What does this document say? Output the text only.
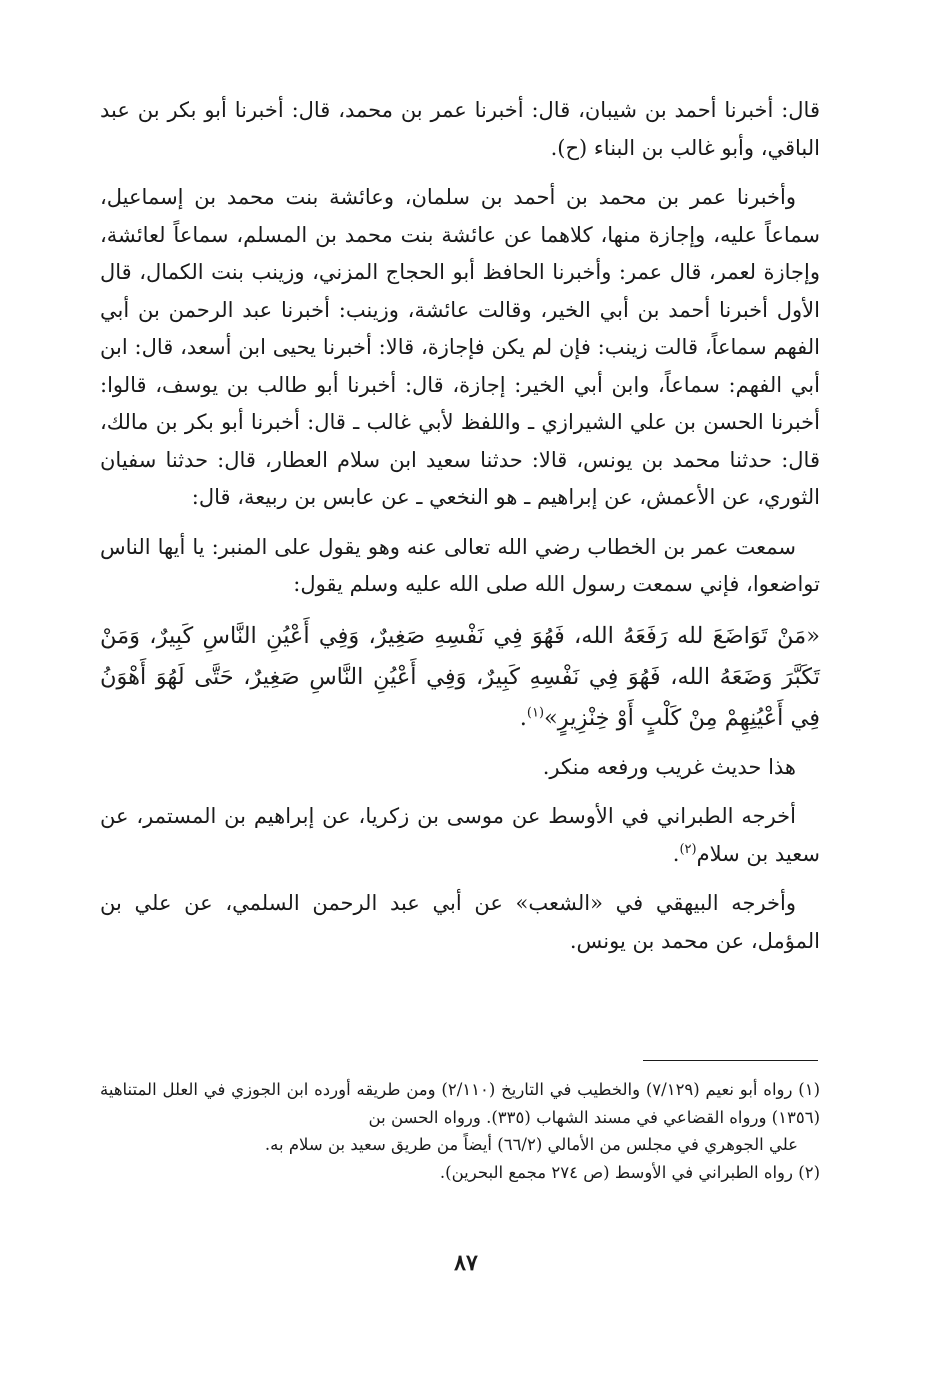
قال: أخبرنا أحمد بن شيبان، قال: أخبرنا عمر بن محمد، قال: أخبرنا أبو بكر بن عبد الباقي، وأبو غالب بن البناء (ح).

وأخبرنا عمر بن محمد بن أحمد بن سلمان، وعائشة بنت محمد بن إسماعيل، سماعاً عليه، وإجازة منها، كلاهما عن عائشة بنت محمد بن المسلم، سماعاً لعائشة، وإجازة لعمر، قال عمر: وأخبرنا الحافظ أبو الحجاج المزني، وزينب بنت الكمال، قال الأول أخبرنا أحمد بن أبي الخير، وقالت عائشة، وزينب: أخبرنا عبد الرحمن بن أبي الفهم سماعاً، قالت زينب: فإن لم يكن فإجازة، قالا: أخبرنا يحيى ابن أسعد، قال: ابن أبي الفهم: سماعاً، وابن أبي الخير: إجازة، قال: أخبرنا أبو طالب بن يوسف، قالوا: أخبرنا الحسن بن علي الشيرازي ـ واللفظ لأبي غالب ـ قال: أخبرنا أبو بكر بن مالك، قال: حدثنا محمد بن يونس، قالا: حدثنا سعيد ابن سلام العطار، قال: حدثنا سفيان الثوري، عن الأعمش، عن إبراهيم ـ هو النخعي ـ عن عابس بن ربيعة، قال:

سمعت عمر بن الخطاب رضي الله تعالى عنه وهو يقول على المنبر: يا أيها الناس تواضعوا، فإني سمعت رسول الله صلى الله عليه وسلم يقول:

«مَنْ تَوَاضَعَ لله رَفَعَهُ الله، فَهُوَ فِي نَفْسِهِ صَغِيرٌ، وَفِي أَعْيُنِ النَّاسِ كَبِيرٌ، وَمَنْ تَكَبَّرَ وَضَعَهُ الله، فَهُوَ فِي نَفْسِهِ كَبِيرٌ، وَفِي أَعْيُنِ النَّاسِ صَغِيرٌ، حَتَّى لَهُوَ أَهْوَنُ فِي أَعْيُنِهِمْ مِنْ كَلْبٍ أَوْ خِنْزِيرٍ»$^{(١)}$.

هذا حديث غريب ورفعه منكر.

أخرجه الطبراني في الأوسط عن موسى بن زكريا، عن إبراهيم بن المستمر، عن سعيد بن سلام$^{(٢)}$.

وأخرجه البيهقي في «الشعب» عن أبي عبد الرحمن السلمي، عن علي بن المؤمل، عن محمد بن يونس.

(١) رواه أبو نعيم (٧/١٢٩) والخطيب في التاريخ (٢/١١٠) ومن طريقه أورده ابن الجوزي في العلل المتناهية (١٣٥٦) ورواه القضاعي في مسند الشهاب (٣٣٥). ورواه الحسن بن

علي الجوهري في مجلس من الأمالي (٦٦/٢) أيضاً من طريق سعيد بن سلام به.

(٢) رواه الطبراني في الأوسط (ص ٢٧٤ مجمع البحرين).

٨٧
